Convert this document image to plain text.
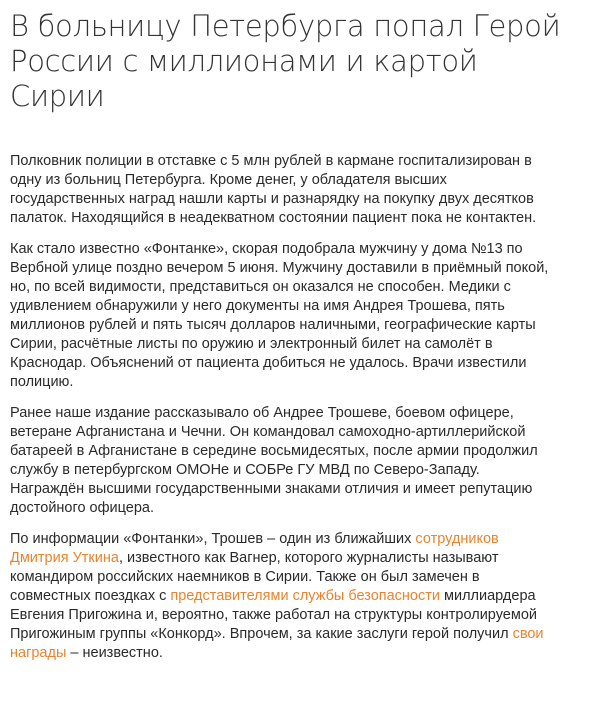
В больницу Петербурга попал Герой
России с миллионами и картой
Сирии

Полковник полиции в отставке с 5 млн рублей в кармане госпитализирован в
одну из больниц Петербурга. Кроме денег, у обладателя высших
государственных наград нашли карты и разнарядку на покупку двух десятков
палаток. Находящийся в неадекватном состоянии пациент пока не контактен.

Как стало известно «Фонтанке», скорая подобрала мужчину у дома №13 по
Вербной улице поздно вечером 5 июня. Мужчину доставили в приёмный покой,
но, по всей видимости, представиться он оказался не способен. Медики с
удивлением обнаружили у него документы на имя Андрея Трошева, пять
миллионов рублей и пять тысяч долларов наличными, географические карты
Сирии, расчётные листы по оружию и электронный билет на самолёт в
Краснодар. Объяснений от пациента добиться не удалось. Врачи известили
полицию.

Ранее наше издание рассказывало об Андрее Трошеве, боевом офицере,
ветеране Афганистана и Чечни. Он командовал самоходно-артиллерийской
батареей в Афганистане в середине восьмидесятых, после армии продолжил
службу в петербургском ОМОНе и СОБРе ГУ МВД по Северо-Западу.
Награждён высшими государственными знаками отличия и имеет репутацию
достойного офицера.

По информации «Фонтанки», Трошев – один из ближайших сотрудников
Дмитрия Уткина, известного как Вагнер, которого журналисты называют
командиром российских наемников в Сирии. Также он был замечен в
совместных поездках с представителями службы безопасности миллиардера
Евгения Пригожина и, вероятно, также работал на структуры контролируемой
Пригожиным группы «Конкорд». Впрочем, за какие заслуги герой получил свои
награды – неизвестно.
